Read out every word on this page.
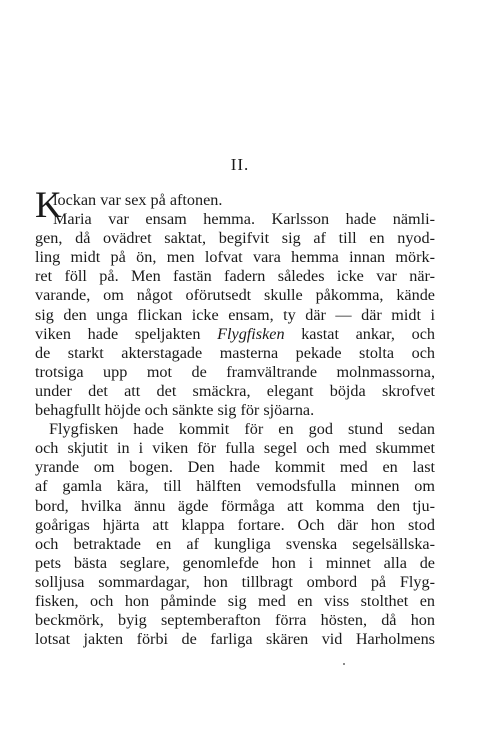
II.
K
lockan var sex på aftonen.
Maria var ensam hemma. Karlsson hade nämli-
gen, då ovädret saktat, begifvit sig af till en nyod-
ling midt på ön, men lofvat vara hemma innan mörk-
ret föll på. Men fastän fadern således icke var när-
varande, om något oförutsedt skulle påkomma, kände
sig den unga flickan icke ensam, ty där — där midt i
viken hade speljakten Flygfisken kastat ankar, och
de starkt akterstagade masterna pekade stolta och
trotsiga upp mot de framvältrande molnmassorna,
under det att det smäckra, elegant böjda skrofvet
behagfullt höjde och sänkte sig för sjöarna.
Flygfisken hade kommit för en god stund sedan
och skjutit in i viken för fulla segel och med skummet
yrande om bogen. Den hade kommit med en last
af gamla kära, till hälften vemodsfulla minnen om
bord, hvilka ännu ägde förmåga att komma den tju-
goårigas hjärta att klappa fortare. Och där hon stod
och betraktade en af kungliga svenska segelsällska-
pets bästa seglare, genomlefde hon i minnet alla de
solljusa sommardagar, hon tillbragt ombord på Flyg-
fisken, och hon påminde sig med en viss stolthet en
beckmörk, byig septemberafton förra hösten, då hon
lotsat jakten förbi de farliga skären vid Harholmens
